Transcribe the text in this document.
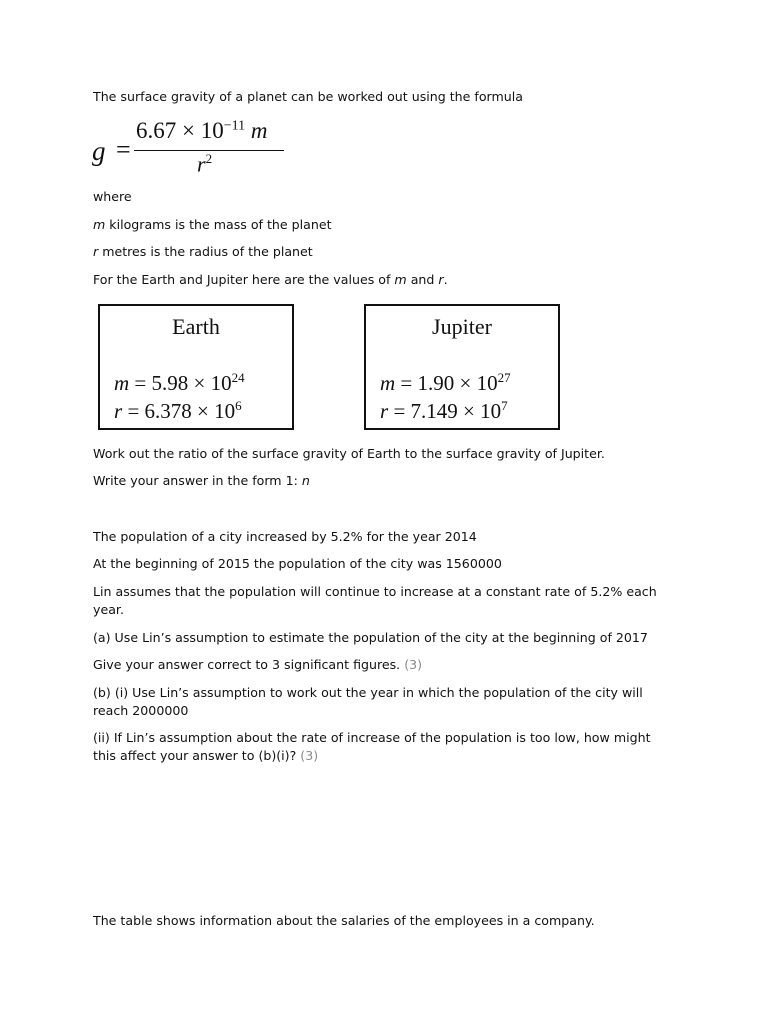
The surface gravity of a planet can be worked out using the formula
g =
$6.67 \times 10^{-11}$ m
$r^2$
where
m kilograms is the mass of the planet
r metres is the radius of the planet
For the Earth and Jupiter here are the values of m and r.
Earth
$m = 5.98 \times 10^{24}$
$r = 6.378 \times 10^6$
Jupiter
$m = 1.90 \times 10^{27}$
$r = 7.149 \times 10^7$
Work out the ratio of the surface gravity of Earth to the surface gravity of Jupiter.
Write your answer in the form 1: n
The population of a city increased by 5.2% for the year 2014
At the beginning of 2015 the population of the city was 1560000
Lin assumes that the population will continue to increase at a constant rate of 5.2% each year.
(a) Use Lin’s assumption to estimate the population of the city at the beginning of 2017
Give your answer correct to 3 significant figures. (3)
(b) (i) Use Lin’s assumption to work out the year in which the population of the city will reach 2000000
(ii) If Lin’s assumption about the rate of increase of the population is too low, how might this affect your answer to (b)(i)? (3)
The table shows information about the salaries of the employees in a company.
